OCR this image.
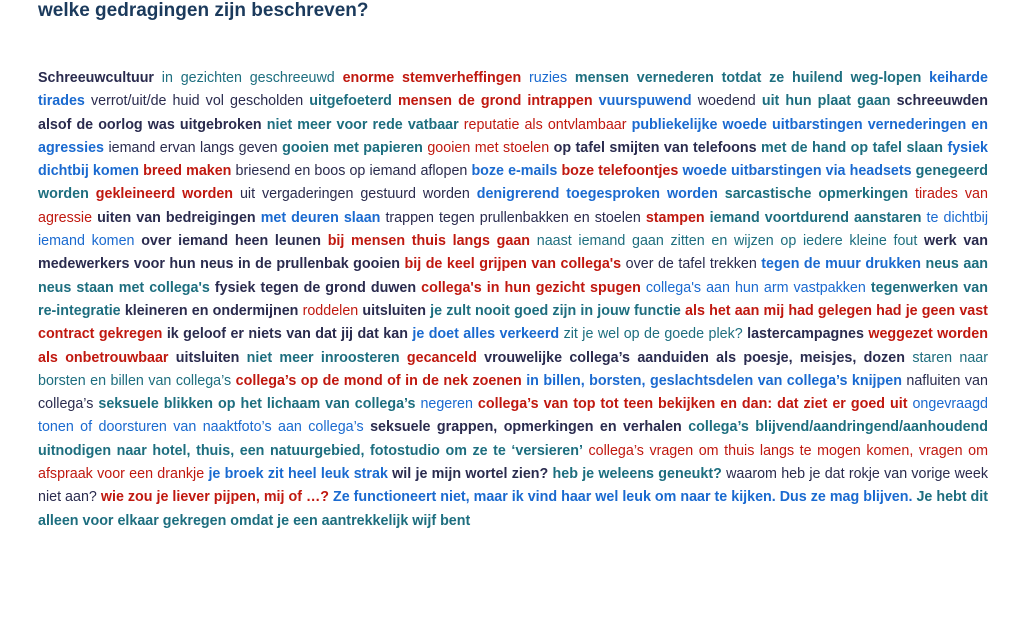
welke gedragingen zijn beschreven?
Schreeuwcultuur in gezichten geschreeuwd enorme stemverheffingen ruzies mensen vernederen totdat ze huilend weg-lopen keiharde tirades verrot/uit/de huid vol gescholden uitgefoeterd mensen de grond intrappen vuurspuwend woedend uit hun plaat gaan schreeuwden alsof de oorlog was uitgebroken niet meer voor rede vatbaar reputatie als ontvlambaar publiekelijke woede uitbarstingen vernederingen en agressies iemand ervan langs geven gooien met papieren gooien met stoelen op tafel smijten van telefoons met de hand op tafel slaan fysiek dichtbij komen breed maken briesend en boos op iemand aflopen boze e-mails boze telefoontjes woede uitbarstingen via headsets genegeerd worden gekleineerd worden uit vergaderingen gestuurd worden denigrerend toegesproken worden sarcastische opmerkingen tirades van agressie uiten van bedreigingen met deuren slaan trappen tegen prullenbakken en stoelen stampen iemand voortdurend aanstaren te dichtbij iemand komen over iemand heen leunen bij mensen thuis langs gaan naast iemand gaan zitten en wijzen op iedere kleine fout werk van medewerkers voor hun neus in de prullenbak gooien bij de keel grijpen van collega's over de tafel trekken tegen de muur drukken neus aan neus staan met collega's fysiek tegen de grond duwen collega's in hun gezicht spugen collega's aan hun arm vastpakken tegenwerken van re-integratie kleineren en ondermijnen roddelen uitsluiten je zult nooit goed zijn in jouw functie als het aan mij had gelegen had je geen vast contract gekregen ik geloof er niets van dat jij dat kan je doet alles verkeerd zit je wel op de goede plek? lastercampagnes weggezet worden als onbetrouwbaar uitsluiten niet meer inroosteren gecanceld vrouwelijke collega’s aanduiden als poesje, meisjes, dozen staren naar borsten en billen van collega’s collega’s op de mond of in de nek zoenen in billen, borsten, geslachtsdelen van collega’s knijpen nafluiten van collega’s seksuele blikken op het lichaam van collega’s negeren collega’s van top tot teen bekijken en dan: dat ziet er goed uit ongevraagd tonen of doorsturen van naaktfoto’s aan collega’s seksuele grappen, opmerkingen en verhalen collega’s blijvend/aandringend/aanhoudend uitnodigen naar hotel, thuis, een natuurgebied, fotostudio om ze te ‘versieren’ collega’s vragen om thuis langs te mogen komen, vragen om afspraak voor een drankje je broek zit heel leuk strak wil je mijn wortel zien? heb je weleens geneukt? waarom heb je dat rokje van vorige week niet aan? wie zou je liever pijpen, mij of …? Ze functioneert niet, maar ik vind haar wel leuk om naar te kijken. Dus ze mag blijven. Je hebt dit alleen voor elkaar gekregen omdat je een aantrekkelijk wijf bent
